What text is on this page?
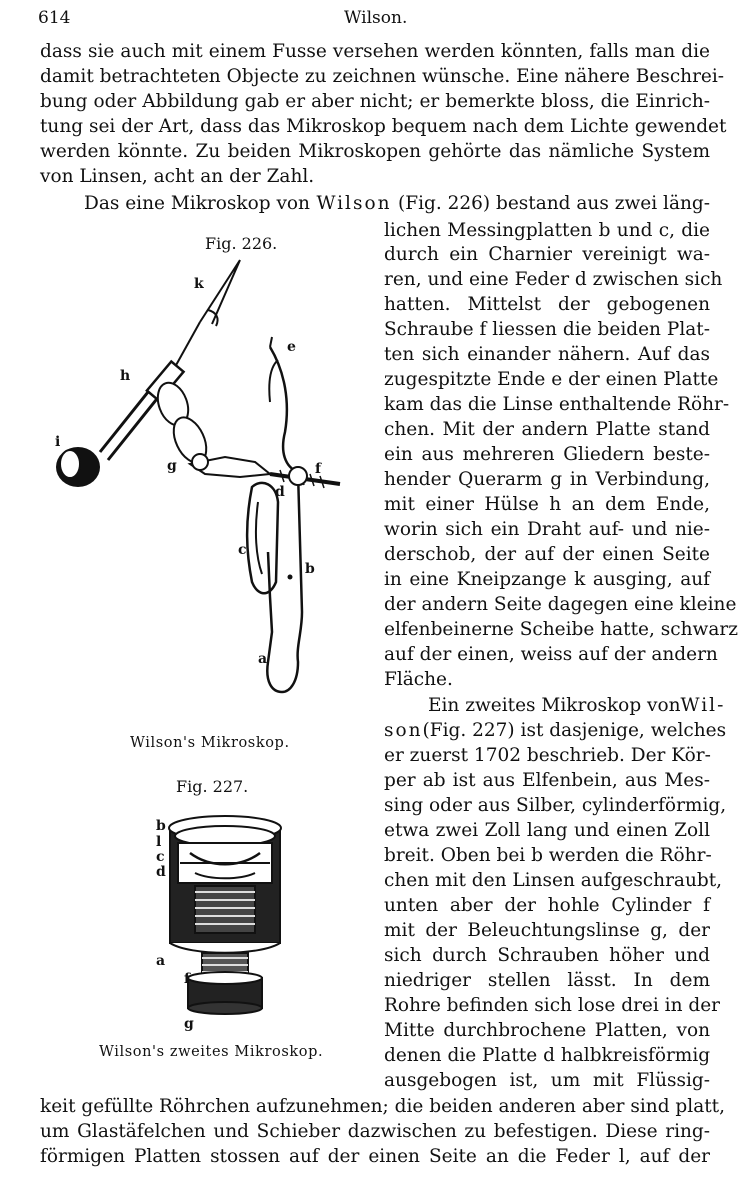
614	Wilson.
dass sie auch mit einem Fusse versehen werden könnten, falls man die
damit betrachteten Objecte zu zeichnen wünsche. Eine nähere Beschrei-
bung oder Abbildung gab er aber nicht; er bemerkte bloss, die Einrich-
tung sei der Art, dass das Mikroskop bequem nach dem Lichte gewendet
werden könnte. Zu beiden Mikroskopen gehörte das nämliche System
von Linsen, acht an der Zahl.
Das eine Mikroskop von Wilson (Fig. 226) bestand aus zwei läng-
lichen Messingplatten b und c, die
durch ein Charnier vereinigt wa-
ren, und eine Feder d zwischen sich
hatten. Mittelst der gebogenen
Schraube f liessen die beiden Plat-
ten sich einander nähern. Auf das
zugespitzte Ende e der einen Platte
kam das die Linse enthaltende Röhr-
chen. Mit der andern Platte stand
ein aus mehreren Gliedern beste-
hender Querarm g in Verbindung,
mit einer Hülse h an dem Ende,
worin sich ein Draht auf- und nie-
derschob, der auf der einen Seite
in eine Kneipzange k ausging, auf
der andern Seite dagegen eine kleine
elfenbeinerne Scheibe hatte, schwarz
auf der einen, weiss auf der andern
Fläche.
Ein zweites Mikroskop von Wil-
son (Fig. 227) ist dasjenige, welches
er zuerst 1702 beschrieb. Der Kör-
per ab ist aus Elfenbein, aus Mes-
sing oder aus Silber, cylinderförmig,
etwa zwei Zoll lang und einen Zoll
breit. Oben bei b werden die Röhr-
chen mit den Linsen aufgeschraubt,
unten aber der hohle Cylinder f
mit der Beleuchtungslinse g, der
sich durch Schrauben höher und
niedriger stellen lässt. In dem
Rohre befinden sich lose drei in der
Mitte durchbrochene Platten, von
denen die Platte d halbkreisförmig
ausgebogen ist, um mit Flüssig-
keit gefüllte Röhrchen aufzunehmen; die beiden anderen aber sind platt,
um Glastäfelchen und Schieber dazwischen zu befestigen. Diese ring-
förmigen Platten stossen auf der einen Seite an die Feder l, auf der
Fig. 226.
k
e
h
i
g	f
d
c
b
a
Wilson's Mikroskop.
Fig. 227.
b
l
c
d
a
f
g
Wilson's zweites Mikroskop.
